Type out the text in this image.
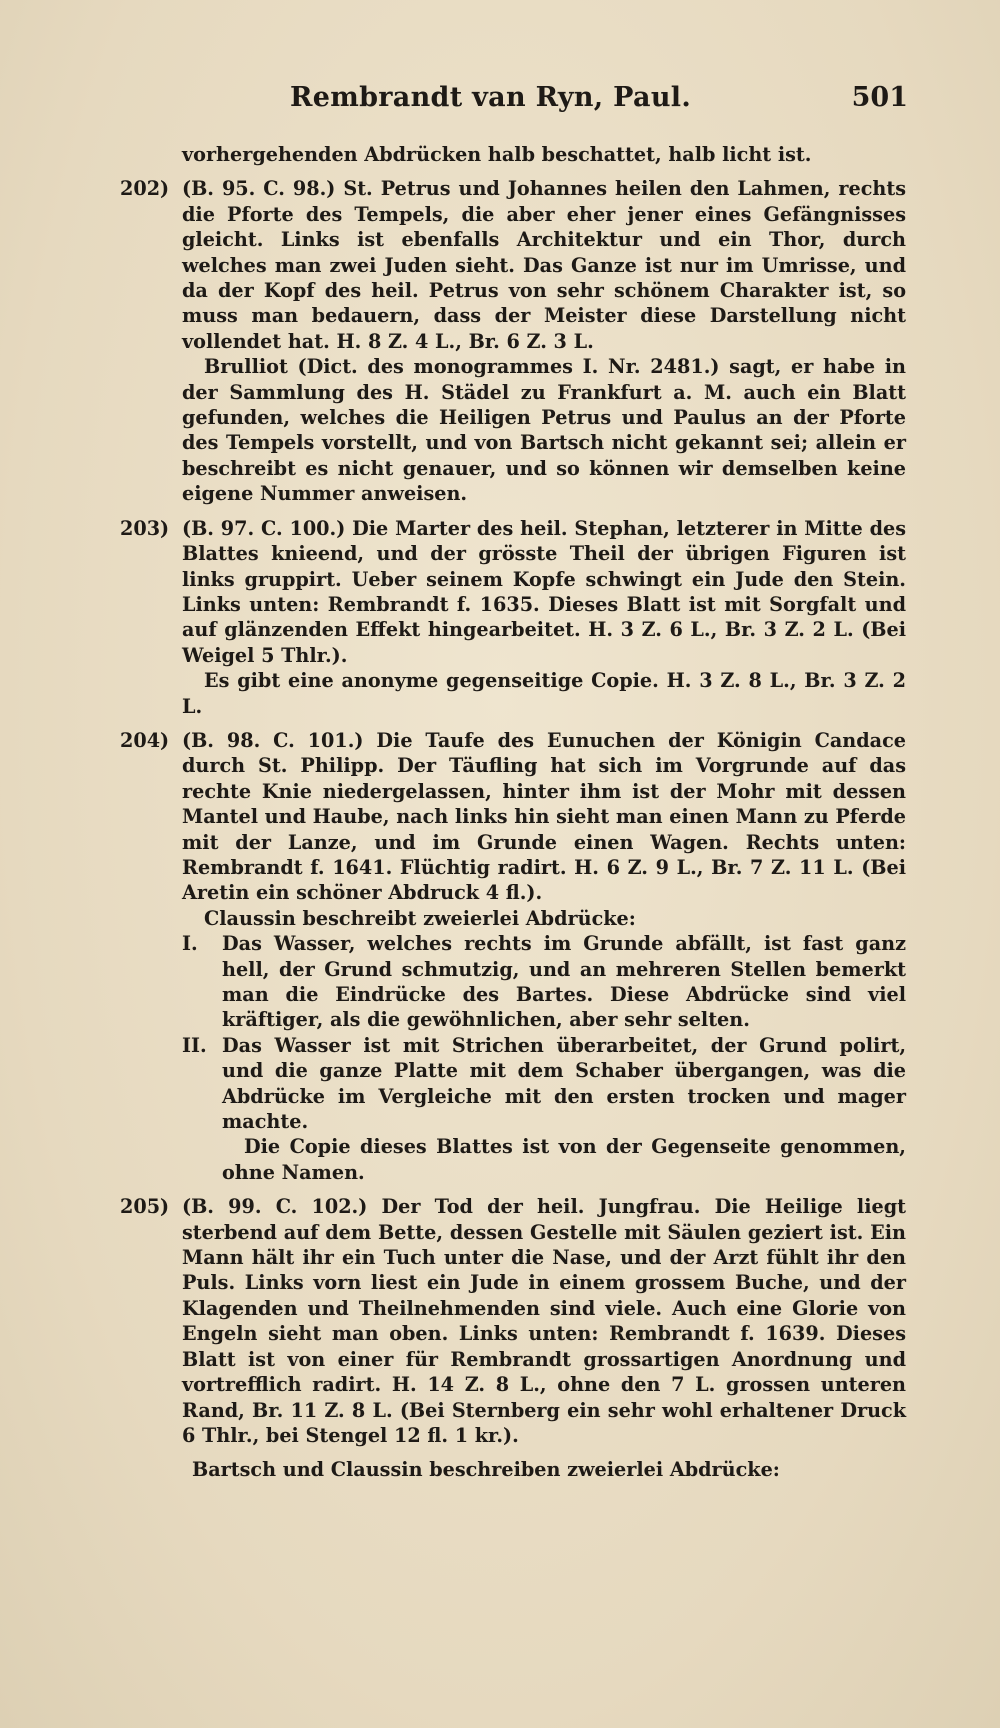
Rembrandt van Ryn, Paul.	501

vorhergehenden Abdrücken halb beschattet, halb licht ist.

202) (B. 95. C. 98.) St. Petrus und Johannes heilen den Lahmen, rechts die Pforte des Tempels, die aber eher jener eines Gefängnisses gleicht. Links ist ebenfalls Architektur und ein Thor, durch welches man zwei Juden sieht. Das Ganze ist nur im Umrisse, und da der Kopf des heil. Petrus von sehr schönem Charakter ist, so muss man bedauern, dass der Meister diese Darstellung nicht vollendet hat. H. 8 Z. 4 L., Br. 6 Z. 3 L.

Brulliot (Dict. des monogrammes I. Nr. 2481.) sagt, er habe in der Sammlung des H. Städel zu Frankfurt a. M. auch ein Blatt gefunden, welches die Heiligen Petrus und Paulus an der Pforte des Tempels vorstellt, und von Bartsch nicht gekannt sei; allein er beschreibt es nicht genauer, und so können wir demselben keine eigene Nummer anweisen.

203) (B. 97. C. 100.) Die Marter des heil. Stephan, letzterer in Mitte des Blattes knieend, und der grösste Theil der übrigen Figuren ist links gruppirt. Ueber seinem Kopfe schwingt ein Jude den Stein. Links unten: Rembrandt f. 1635. Dieses Blatt ist mit Sorgfalt und auf glänzenden Effekt hingearbeitet. H. 3 Z. 6 L., Br. 3 Z. 2 L. (Bei Weigel 5 Thlr.).

Es gibt eine anonyme gegenseitige Copie. H. 3 Z. 8 L., Br. 3 Z. 2 L.

204) (B. 98. C. 101.) Die Taufe des Eunuchen der Königin Candace durch St. Philipp. Der Täufling hat sich im Vorgrunde auf das rechte Knie niedergelassen, hinter ihm ist der Mohr mit dessen Mantel und Haube, nach links hin sieht man einen Mann zu Pferde mit der Lanze, und im Grunde einen Wagen. Rechts unten: Rembrandt f. 1641. Flüchtig radirt. H. 6 Z. 9 L., Br. 7 Z. 11 L. (Bei Aretin ein schöner Abdruck 4 fl.).

Claussin beschreibt zweierlei Abdrücke:

I. Das Wasser, welches rechts im Grunde abfällt, ist fast ganz hell, der Grund schmutzig, und an mehreren Stellen bemerkt man die Eindrücke des Bartes. Diese Abdrücke sind viel kräftiger, als die gewöhnlichen, aber sehr selten.
II. Das Wasser ist mit Strichen überarbeitet, der Grund polirt, und die ganze Platte mit dem Schaber übergangen, was die Abdrücke im Vergleiche mit den ersten trocken und mager machte.

Die Copie dieses Blattes ist von der Gegenseite genommen, ohne Namen.

205) (B. 99. C. 102.) Der Tod der heil. Jungfrau. Die Heilige liegt sterbend auf dem Bette, dessen Gestelle mit Säulen geziert ist. Ein Mann hält ihr ein Tuch unter die Nase, und der Arzt fühlt ihr den Puls. Links vorn liest ein Jude in einem grossem Buche, und der Klagenden und Theilnehmenden sind viele. Auch eine Glorie von Engeln sieht man oben. Links unten: Rembrandt f. 1639. Dieses Blatt ist von einer für Rembrandt grossartigen Anordnung und vortrefflich radirt. H. 14 Z. 8 L., ohne den 7 L. grossen unteren Rand, Br. 11 Z. 8 L. (Bei Sternberg ein sehr wohl erhaltener Druck 6 Thlr., bei Stengel 12 fl. 1 kr.).

Bartsch und Claussin beschreiben zweierlei Abdrücke:
